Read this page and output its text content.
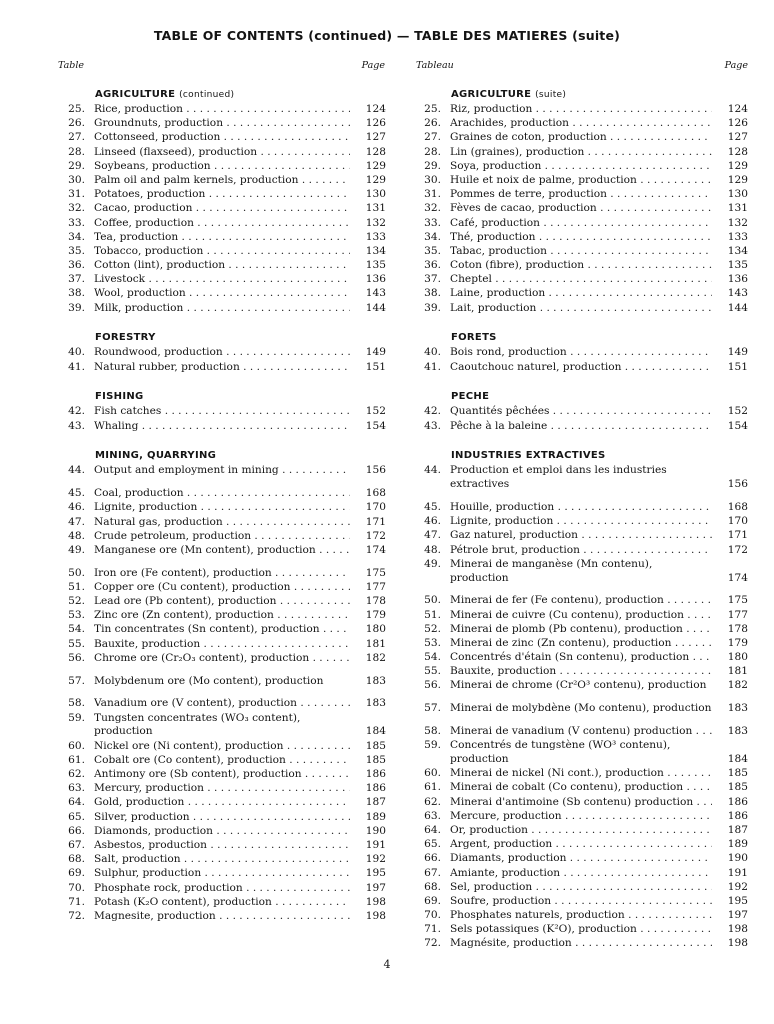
TABLE OF CONTENTS (continued) — TABLE DES MATIERES (suite)
Table	Page	Tableau	Page
AGRICULTURE (continued)
25. Rice, production . . .	124
26. Groundnuts, production . . .	126
27. Cottonseed, production . . .	127
28. Linseed (flaxseed), production . . .	128
29. Soybeans, production . . .	129
30. Palm oil and palm kernels, production . . .	129
31. Potatoes, production . . .	130
32. Cacao, production . . .	131
33. Coffee, production . . .	132
34. Tea, production . . .	133
35. Tobacco, production . . .	134
36. Cotton (lint), production . . .	135
37. Livestock . . .	136
38. Wool, production . . .	143
39. Milk, production . . .	144
FORESTRY
40. Roundwood, production . . .	149
41. Natural rubber, production . . .	151
FISHING
42. Fish catches . . .	152
43. Whaling . . .	154
MINING, QUARRYING
44. Output and employment in mining . . .	156
45. Coal, production . . .	168
46. Lignite, production . . .	170
47. Natural gas, production . . .	171
48. Crude petroleum, production . . .	172
49. Manganese ore (Mn content), production . . .	174
50. Iron ore (Fe content), production . . .	175
51. Copper ore (Cu content), production . . .	177
52. Lead ore (Pb content), production . . .	178
53. Zinc ore (Zn content), production . . .	179
54. Tin concentrates (Sn content), production . . .	180
55. Bauxite, production . . .	181
56. Chrome ore (Cr₂O₃ content), production . . .	182
57. Molybdenum ore (Mo content), production	183
58. Vanadium ore (V content), production . . .	183
59. Tungsten concentrates (WO₃ content), production	184
60. Nickel ore (Ni content), production . . .	185
61. Cobalt ore (Co content), production . . .	185
62. Antimony ore (Sb content), production . . .	186
63. Mercury, production . . .	186
64. Gold, production . . .	187
65. Silver, production . . .	189
66. Diamonds, production . . .	190
67. Asbestos, production . . .	191
68. Salt, production . . .	192
69. Sulphur, production . . .	195
70. Phosphate rock, production . . .	197
71. Potash (K₂O content), production . . .	198
72. Magnesite, production . . .	198
AGRICULTURE (suite)
25. Riz, production . . .	124
26. Arachides, production . . .	126
27. Graines de coton, production . . .	127
28. Lin (graines), production . . .	128
29. Soya, production . . .	129
30. Huile et noix de palme, production . . .	129
31. Pommes de terre, production . . .	130
32. Fèves de cacao, production . . .	131
33. Café, production . . .	132
34. Thé, production . . .	133
35. Tabac, production . . .	134
36. Coton (fibre), production . . .	135
37. Cheptel . . .	136
38. Laine, production . . .	143
39. Lait, production . . .	144
FORETS
40. Bois rond, production . . .	149
41. Caoutchouc naturel, production . . .	151
PECHE
42. Quantités pêchées . . .	152
43. Pêche à la baleine . . .	154
INDUSTRIES EXTRACTIVES
44. Production et emploi dans les industries extractives	156
45. Houille, production . . .	168
46. Lignite, production . . .	170
47. Gaz naturel, production . . .	171
48. Pétrole brut, production . . .	172
49. Minerai de manganèse (Mn contenu), production	174
50. Minerai de fer (Fe contenu), production . . .	175
51. Minerai de cuivre (Cu contenu), production . . .	177
52. Minerai de plomb (Pb contenu), production . . .	178
53. Minerai de zinc (Zn contenu), production . . .	179
54. Concentrés d'étain (Sn contenu), production . . .	180
55. Bauxite, production . . .	181
56. Minerai de chrome (Cr²O³ contenu), production	182
57. Minerai de molybdène (Mo contenu), production	183
58. Minerai de vanadium (V contenu) production . . .	183
59. Concentrés de tungstène (WO³ contenu), production	184
60. Minerai de nickel (Ni cont.), production . . .	185
61. Minerai de cobalt (Co contenu), production . . .	185
62. Minerai d'antimoine (Sb contenu) production . . .	186
63. Mercure, production . . .	186
64. Or, production . . .	187
65. Argent, production . . .	189
66. Diamants, production . . .	190
67. Amiante, production . . .	191
68. Sel, production . . .	192
69. Soufre, production . . .	195
70. Phosphates naturels, production . . .	197
71. Sels potassiques (K²O), production . . .	198
72. Magnésite, production . . .	198
4
